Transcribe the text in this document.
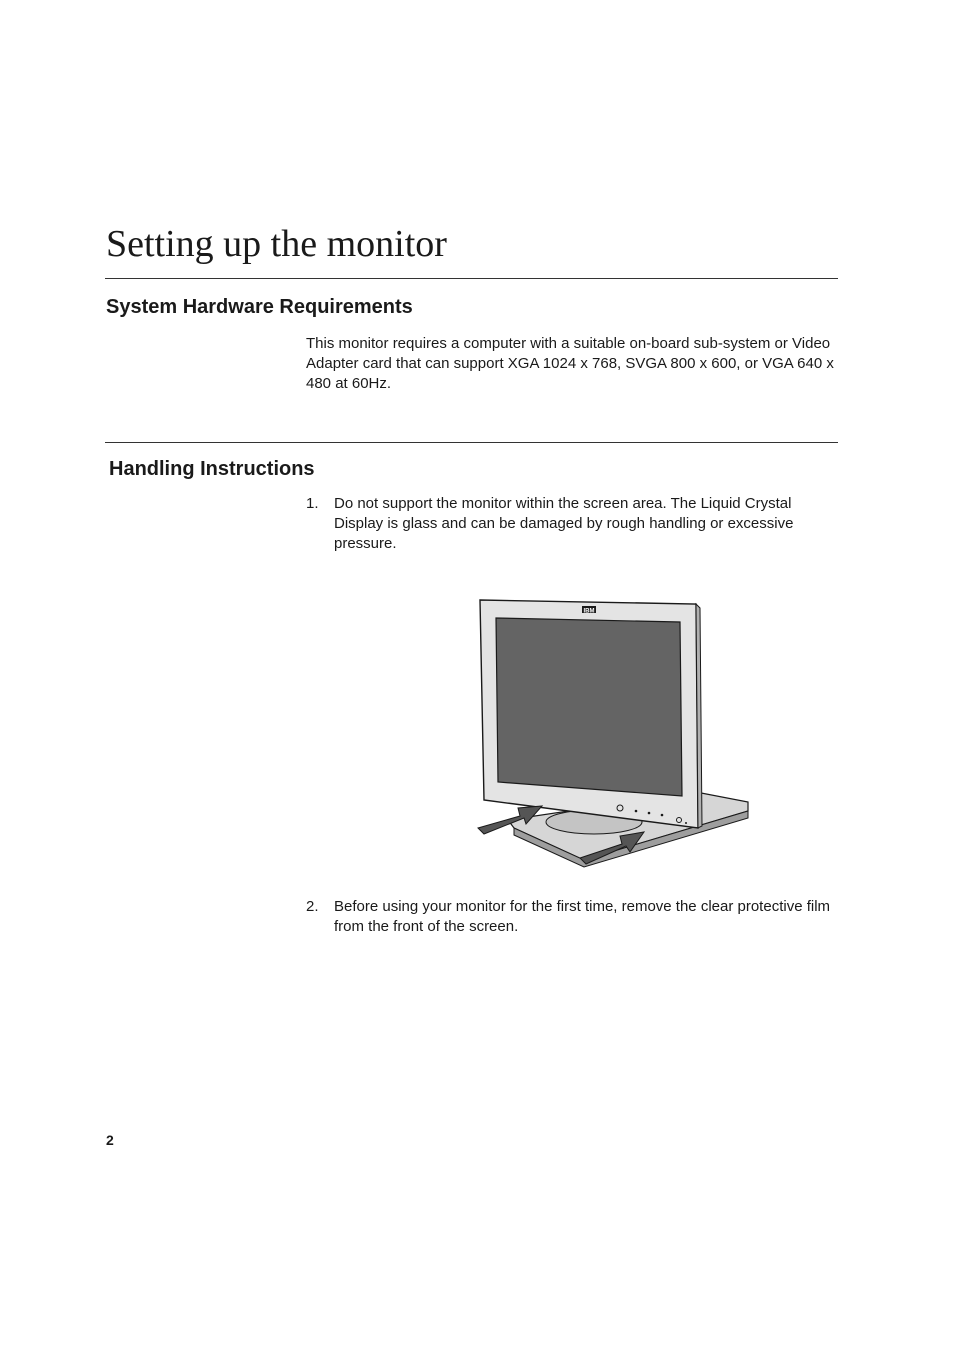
Setting up the monitor
System Hardware Requirements

This monitor requires a computer with a suitable on-board sub-system or Video Adapter card that can support XGA 1024 x 768, SVGA 800 x 600, or VGA 640 x 480 at 60Hz.

Handling Instructions
1.	Do not support the monitor within the screen area. The Liquid Crystal Display is glass and can be damaged by rough handling or excessive pressure.
IBM
2.	Before using your monitor for the first time, remove the clear protective film from the front of the screen.
2
